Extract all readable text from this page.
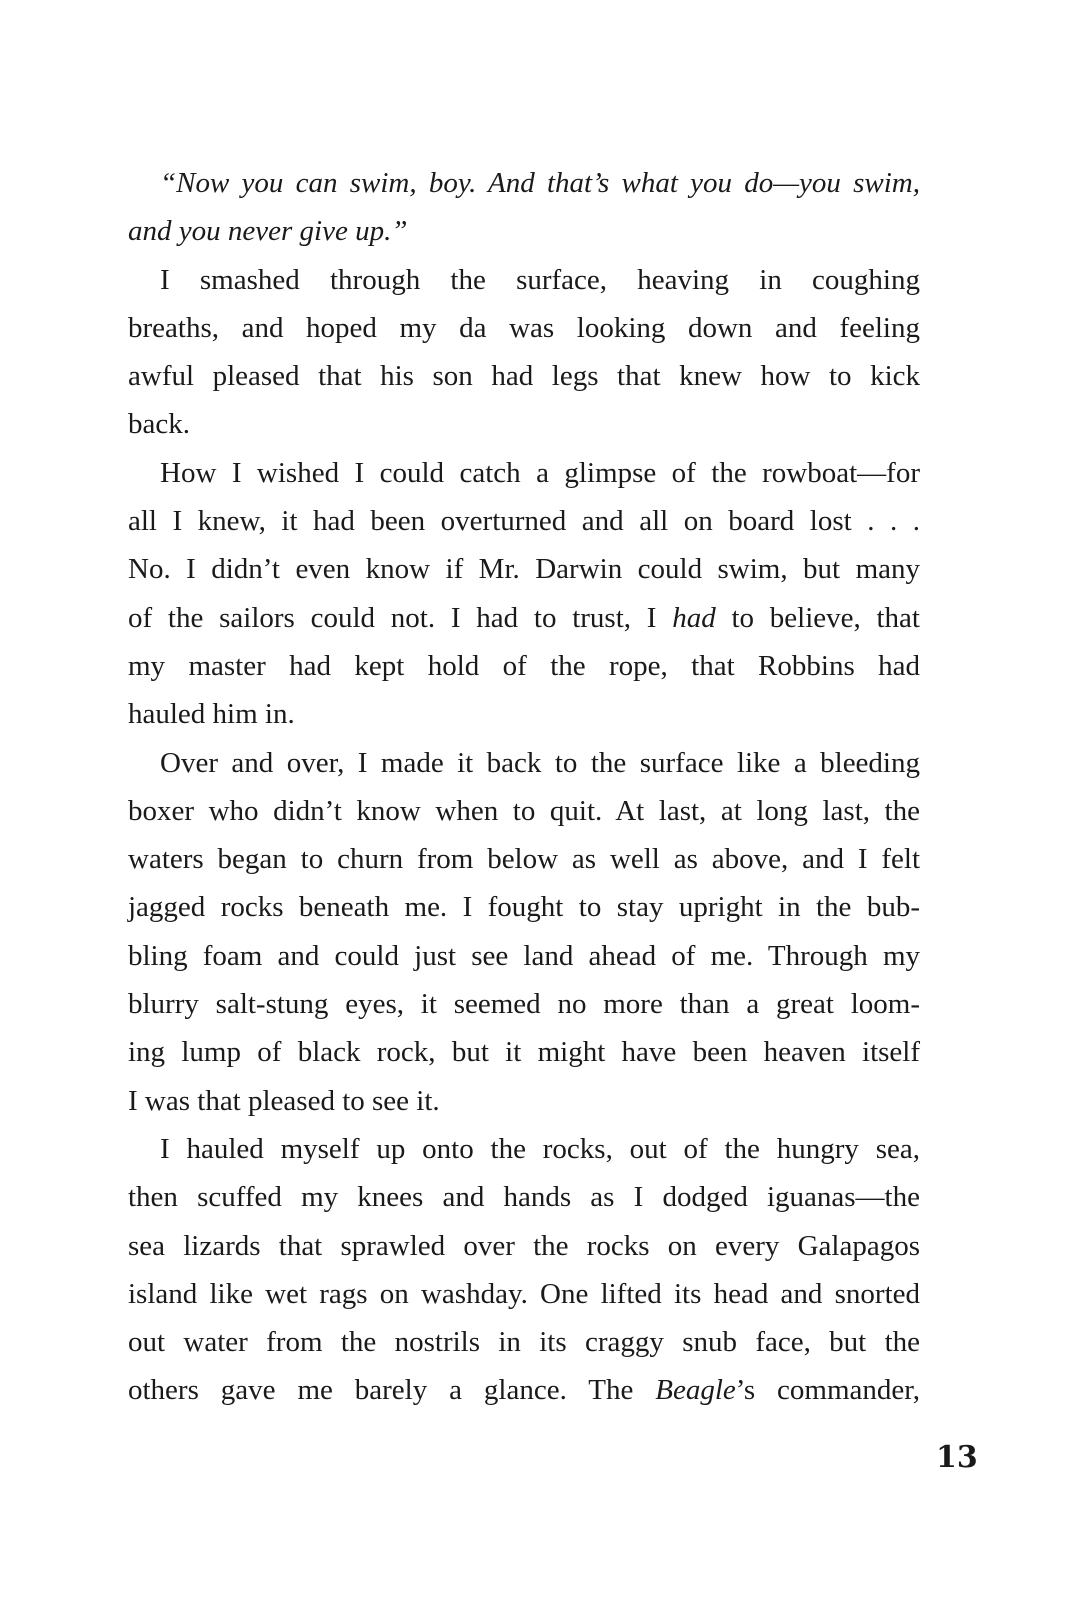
“Now you can swim, boy. And that’s what you do—you swim,
and you never give up.”
I smashed through the surface, heaving in coughing
breaths, and hoped my da was looking down and feeling
awful pleased that his son had legs that knew how to kick
back.
How I wished I could catch a glimpse of the rowboat—for
all I knew, it had been overturned and all on board lost . . .
No. I didn’t even know if Mr. Darwin could swim, but many
of the sailors could not. I had to trust, I had to believe, that
my master had kept hold of the rope, that Robbins had
hauled him in.
Over and over, I made it back to the surface like a bleeding
boxer who didn’t know when to quit. At last, at long last, the
waters began to churn from below as well as above, and I felt
jagged rocks beneath me. I fought to stay upright in the bub-
bling foam and could just see land ahead of me. Through my
blurry salt-stung eyes, it seemed no more than a great loom-
ing lump of black rock, but it might have been heaven itself
I was that pleased to see it.
I hauled myself up onto the rocks, out of the hungry sea,
then scuffed my knees and hands as I dodged iguanas—the
sea lizards that sprawled over the rocks on every Galapagos
island like wet rags on washday. One lifted its head and snorted
out water from the nostrils in its craggy snub face, but the
others gave me barely a glance. The Beagle’s commander,
13
